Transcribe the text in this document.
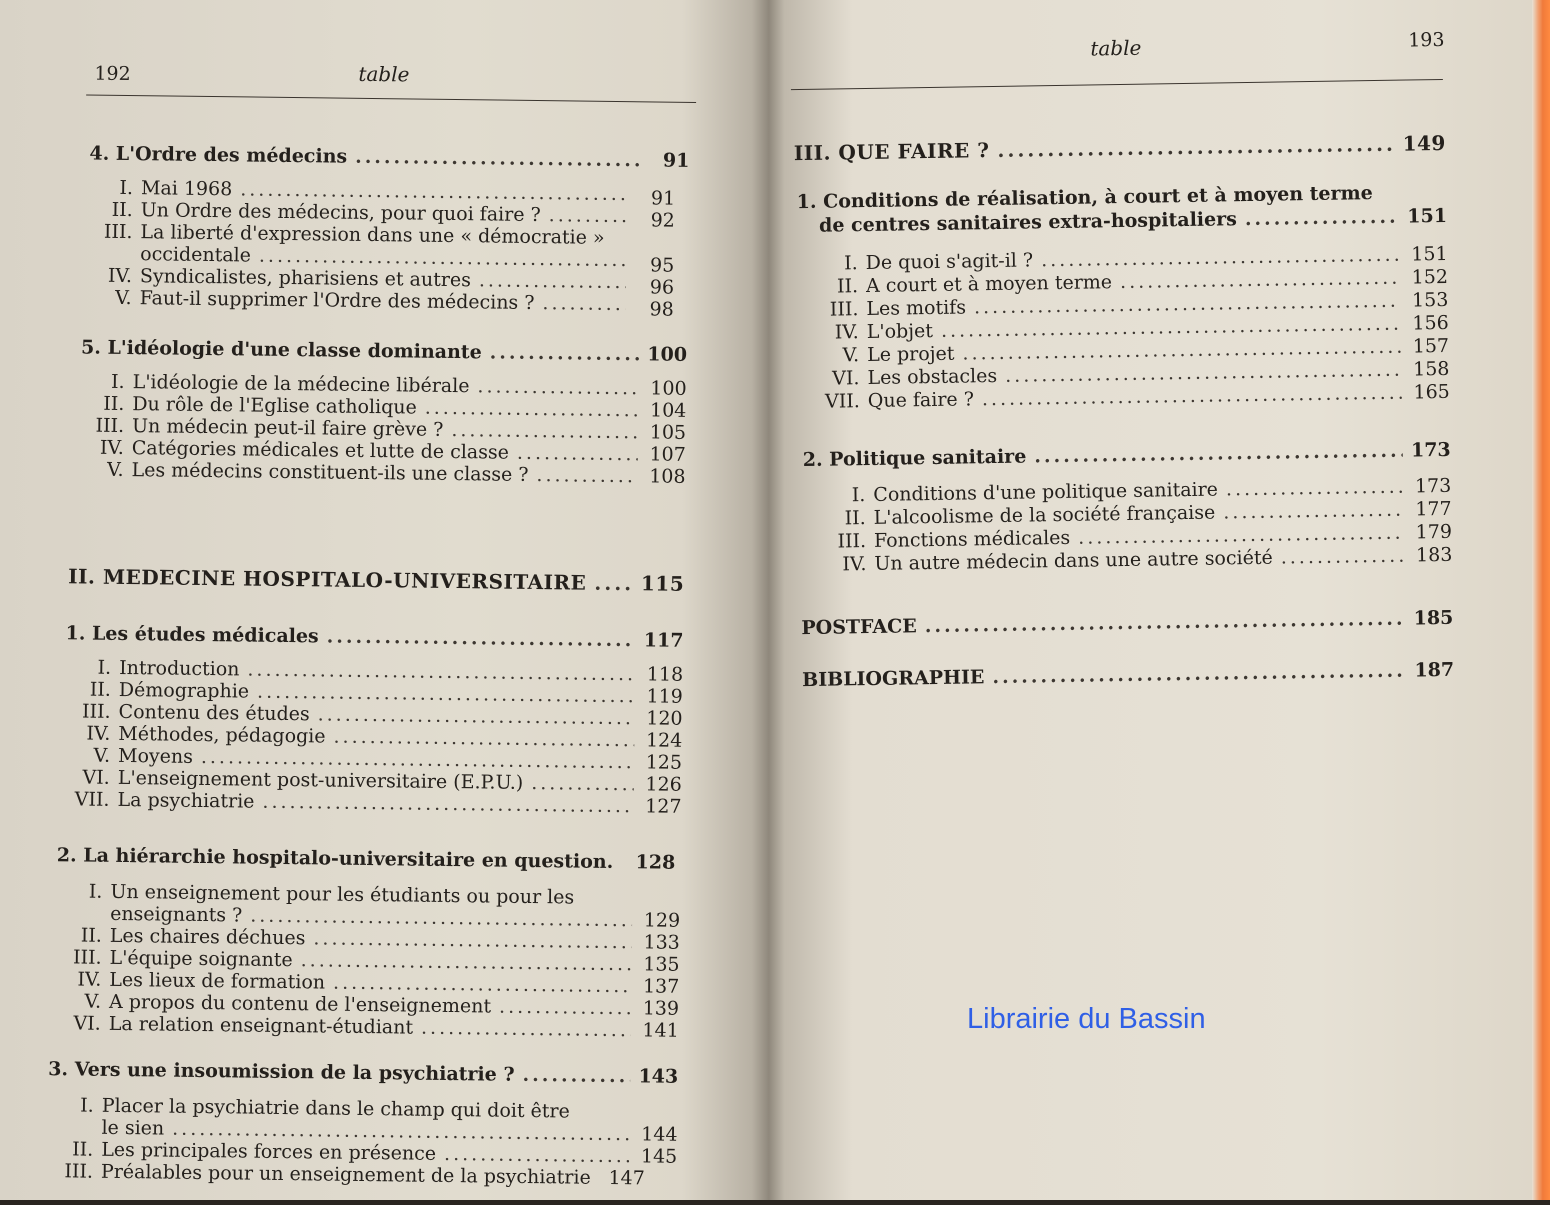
192	table
4. L'Ordre des médecins .....	91
I. Mai 1968 .....	91
II. Un Ordre des médecins, pour quoi faire ? .....	92
III. La liberté d'expression dans une « démocratie »
occidentale .....	95
IV. Syndicalistes, pharisiens et autres .....	96
V. Faut-il supprimer l'Ordre des médecins ? .....	98
5. L'idéologie d'une classe dominante .....	100
I. L'idéologie de la médecine libérale .....	100
II. Du rôle de l'Eglise catholique .....	104
III. Un médecin peut-il faire grève ? .....	105
IV. Catégories médicales et lutte de classe .....	107
V. Les médecins constituent-ils une classe ? .....	108
II. MEDECINE HOSPITALO-UNIVERSITAIRE .....	115
1. Les études médicales .....	117
I. Introduction .....	118
II. Démographie .....	119
III. Contenu des études .....	120
IV. Méthodes, pédagogie .....	124
V. Moyens .....	125
VI. L'enseignement post-universitaire (E.P.U.) .....	126
VII. La psychiatrie .....	127
2. La hiérarchie hospitalo-universitaire en question. 128
I. Un enseignement pour les étudiants ou pour les
enseignants ? .....	129
II. Les chaires déchues .....	133
III. L'équipe soignante .....	135
IV. Les lieux de formation .....	137
V. A propos du contenu de l'enseignement .....	139
VI. La relation enseignant-étudiant .....	141
3. Vers une insoumission de la psychiatrie ? .....	143
I. Placer la psychiatrie dans le champ qui doit être
le sien .....	144
II. Les principales forces en présence .....	145
III. Préalables pour un enseignement de la psychiatrie 147
table	193
III. QUE FAIRE ? .....	149
1. Conditions de réalisation, à court et à moyen terme
de centres sanitaires extra-hospitaliers .....	151
I. De quoi s'agit-il ? .....	151
II. A court et à moyen terme .....	152
III. Les motifs .....	153
IV. L'objet .....	156
V. Le projet .....	157
VI. Les obstacles .....	158
VII. Que faire ? .....	165
2. Politique sanitaire .....	173
I. Conditions d'une politique sanitaire .....	173
II. L'alcoolisme de la société française .....	177
III. Fonctions médicales .....	179
IV. Un autre médecin dans une autre société .....	183
POSTFACE .....	185
BIBLIOGRAPHIE .....	187
Librairie du Bassin
